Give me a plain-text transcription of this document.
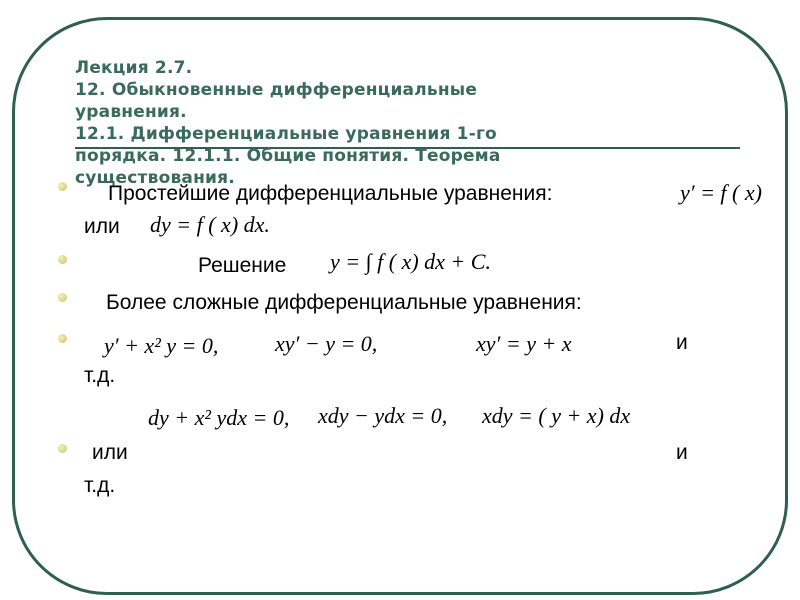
Лекция 2.7.
12. Обыкновенные дифференциальные
уравнения.
12.1. Дифференциальные уравнения 1-го
порядка. 12.1.1. Общие понятия. Теорема
существования.
Простейшие дифференциальные уравнения:	y′ = f ( x)
или dy = f ( x) dx.
Решение y = ∫ f ( x) dx + C.
Более сложные дифференциальные уравнения:
y′ + x² y = 0,	xy′ − y = 0,	xy′ = y + x	и
т.д.
dy + x² ydx = 0, xdy − ydx = 0, xdy = ( y + x) dx
или	и
т.д.
